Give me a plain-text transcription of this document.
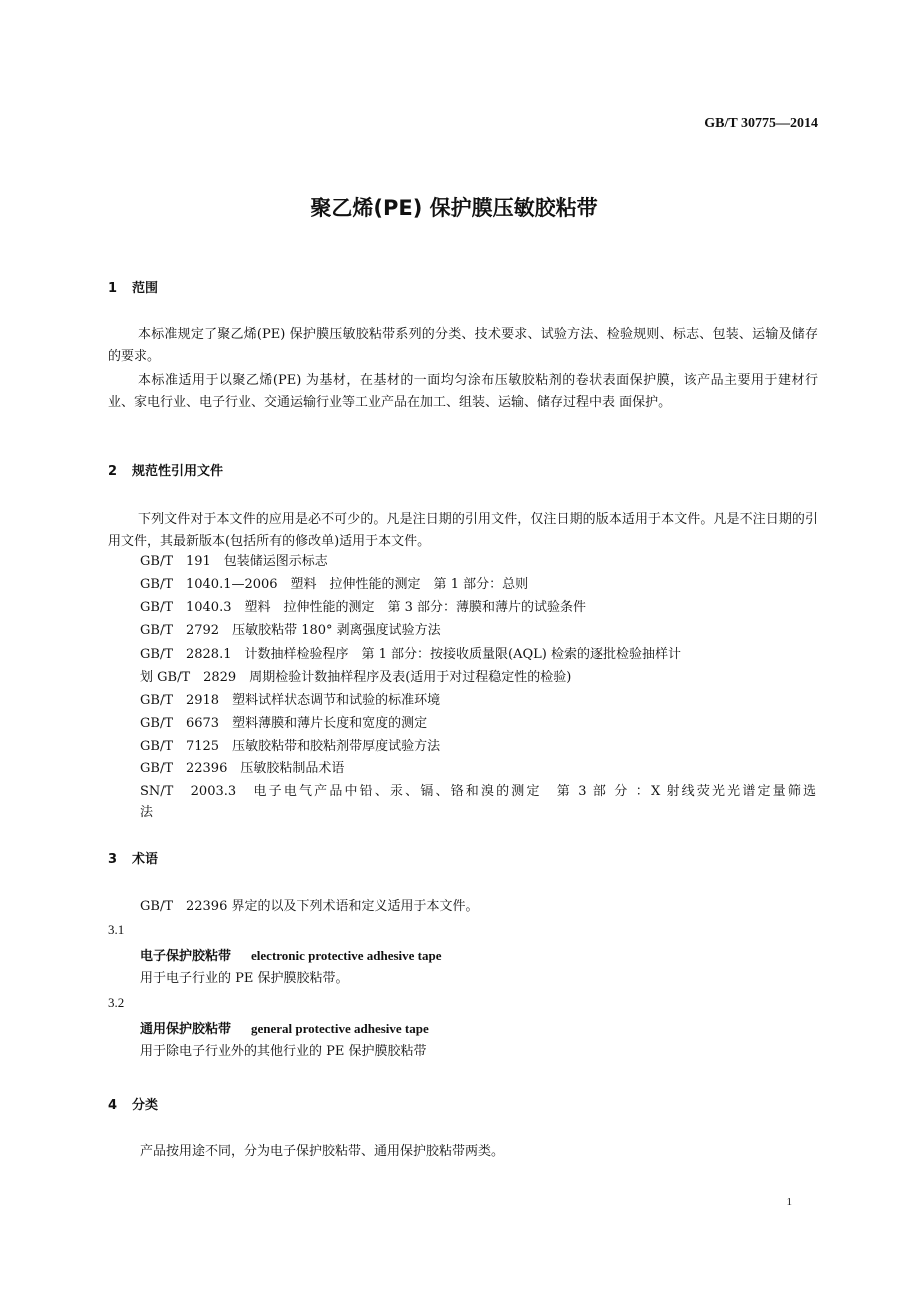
GB/T 30775—2014
聚乙烯(PE) 保护膜压敏胶粘带
1 范围
本标准规定了聚乙烯(PE) 保护膜压敏胶粘带系列的分类、技术要求、试验方法、检验规则、标志、包装、运输及储存的要求。
本标准适用于以聚乙烯(PE) 为基材，在基材的一面均匀涂布压敏胶粘剂的卷状表面保护膜，该产品主要用于建材行业、家电行业、电子行业、交通运输行业等工业产品在加工、组装、运输、储存过程中表 面保护。
2 规范性引用文件
下列文件对于本文件的应用是必不可少的。凡是注日期的引用文件，仅注日期的版本适用于本文件。凡是不注日期的引用文件，其最新版本(包括所有的修改单)适用于本文件。
GB/T　191　包装储运图示标志
GB/T　1040.1—2006　塑料　拉伸性能的测定　第 1 部分：总则
GB/T　1040.3　塑料　拉伸性能的测定　第 3 部分：薄膜和薄片的试验条件
GB/T　2792　压敏胶粘带 180° 剥离强度试验方法
GB/T　2828.1　计数抽样检验程序　第 1 部分：按接收质量限(AQL) 检索的逐批检验抽样计
划 GB/T　2829　周期检验计数抽样程序及表(适用于对过程稳定性的检验)
GB/T　2918　塑料试样状态调节和试验的标准环境
GB/T　6673　塑料薄膜和薄片长度和宽度的测定
GB/T　7125　压敏胶粘带和胶粘剂带厚度试验方法
GB/T　22396　压敏胶粘制品术语
SN/T　2003.3　电子电气产品中铅、汞、镉、铬和溴的测定　第 3 部 分 ：X 射线荧光光谱定量筛选
法
3 术语
GB/T　22396 界定的以及下列术语和定义适用于本文件。
3.1
电子保护胶粘带 electronic protective adhesive tape
用于电子行业的 PE 保护膜胶粘带。
3.2
通用保护胶粘带 general protective adhesive tape
用于除电子行业外的其他行业的 PE 保护膜胶粘带
4 分类
产品按用途不同，分为电子保护胶粘带、通用保护胶粘带两类。
1
